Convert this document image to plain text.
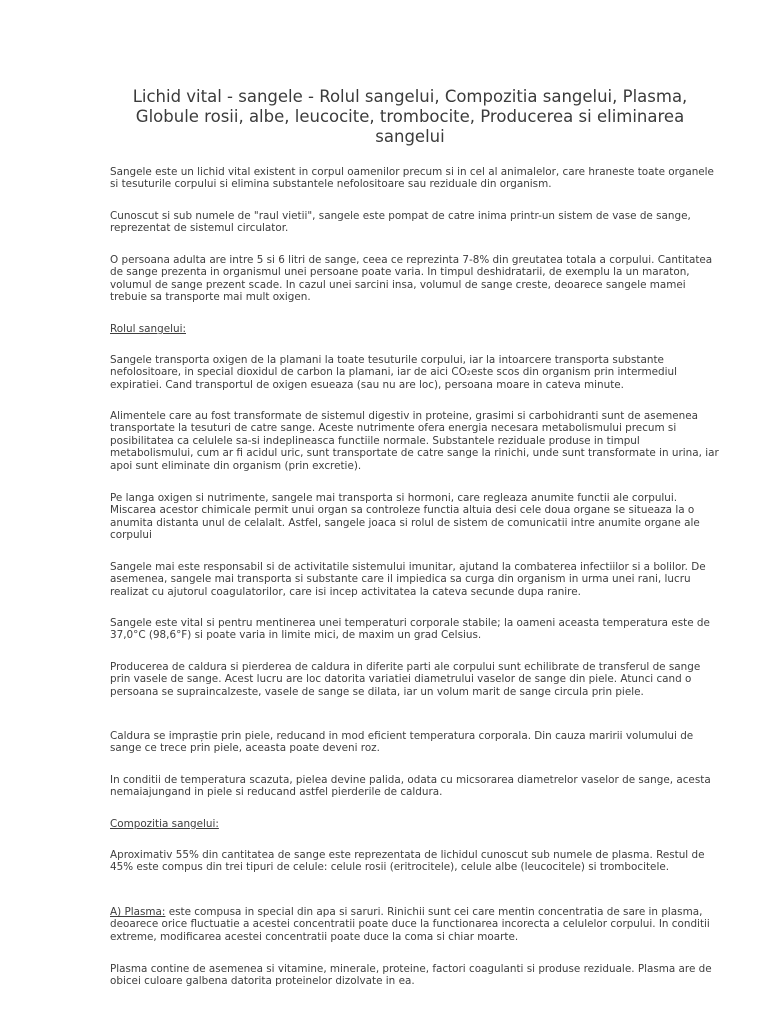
Lichid vital - sangele - Rolul sangelui, Compozitia sangelui, Plasma, Globule rosii, albe, leucocite, trombocite, Producerea si eliminarea sangelui

Sangele este un lichid vital existent in corpul oamenilor precum si in cel al animalelor, care hraneste toate organele si tesuturile corpului si elimina substantele nefolositoare sau reziduale din organism.

Cunoscut si sub numele de "raul vietii", sangele este pompat de catre inima printr-un sistem de vase de sange, reprezentat de sistemul circulator.

O persoana adulta are intre 5 si 6 litri de sange, ceea ce reprezinta 7-8% din greutatea totala a corpului. Cantitatea de sange prezenta in organismul unei persoane poate varia. In timpul deshidratarii, de exemplu la un maraton, volumul de sange prezent scade. In cazul unei sarcini insa, volumul de sange creste, deoarece sangele mamei trebuie sa transporte mai mult oxigen.

Rolul sangelui:

Sangele transporta oxigen de la plamani la toate tesuturile corpului, iar la intoarcere transporta substante nefolositoare, in special dioxidul de carbon la plamani, iar de aici CO₂este scos din organism prin intermediul expiratiei. Cand transportul de oxigen esueaza (sau nu are loc), persoana moare in cateva minute.

Alimentele care au fost transformate de sistemul digestiv in proteine, grasimi si carbohidranti sunt de asemenea transportate la tesuturi de catre sange. Aceste nutrimente ofera energia necesara metabolismului precum si posibilitatea ca celulele sa-si indeplineasca functiile normale. Substantele reziduale produse in timpul metabolismului, cum ar fi acidul uric, sunt transportate de catre sange la rinichi, unde sunt transformate in urina, iar apoi sunt eliminate din organism (prin excretie).

Pe langa oxigen si nutrimente, sangele mai transporta si hormoni, care regleaza anumite functii ale corpului. Miscarea acestor chimicale permit unui organ sa controleze functia altuia desi cele doua organe se situeaza la o anumita distanta unul de celalalt. Astfel, sangele joaca si rolul de sistem de comunicatii intre anumite organe ale corpului

Sangele mai este responsabil si de activitatile sistemului imunitar, ajutand la combaterea infectiilor si a bolilor. De asemenea, sangele mai transporta si substante care il impiedica sa curga din organism in urma unei rani, lucru realizat cu ajutorul coagulatorilor, care isi incep activitatea la cateva secunde dupa ranire.

Sangele este vital si pentru mentinerea unei temperaturi corporale stabile; la oameni aceasta temperatura este de 37,0°C (98,6°F) si poate varia in limite mici, de maxim un grad Celsius.

Producerea de caldura si pierderea de caldura in diferite parti ale corpului sunt echilibrate de transferul de sange prin vasele de sange. Acest lucru are loc datorita variatiei diametrului vaselor de sange din piele. Atunci cand o persoana se supraincalzeste, vasele de sange se dilata, iar un volum marit de sange circula prin piele.

Caldura se impraștie prin piele, reducand in mod eficient temperatura corporala. Din cauza maririi volumului de sange ce trece prin piele, aceasta poate deveni roz.

In conditii de temperatura scazuta, pielea devine palida, odata cu micsorarea diametrelor vaselor de sange, acesta nemaiajungand in piele si reducand astfel pierderile de caldura.

Compozitia sangelui:

Aproximativ 55% din cantitatea de sange este reprezentata de lichidul cunoscut sub numele de plasma. Restul de 45% este compus din trei tipuri de celule: celule rosii (eritrocitele), celule albe (leucocitele) si trombocitele.

A) Plasma: este compusa in special din apa si saruri. Rinichii sunt cei care mentin concentratia de sare in plasma, deoarece orice fluctuatie a acestei concentratii poate duce la functionarea incorecta a celulelor corpului. In conditii extreme, modificarea acestei concentratii poate duce la coma si chiar moarte.

Plasma contine de asemenea si vitamine, minerale, proteine, factori coagulanti si produse reziduale. Plasma are de obicei culoare galbena datorita proteinelor dizolvate in ea.
